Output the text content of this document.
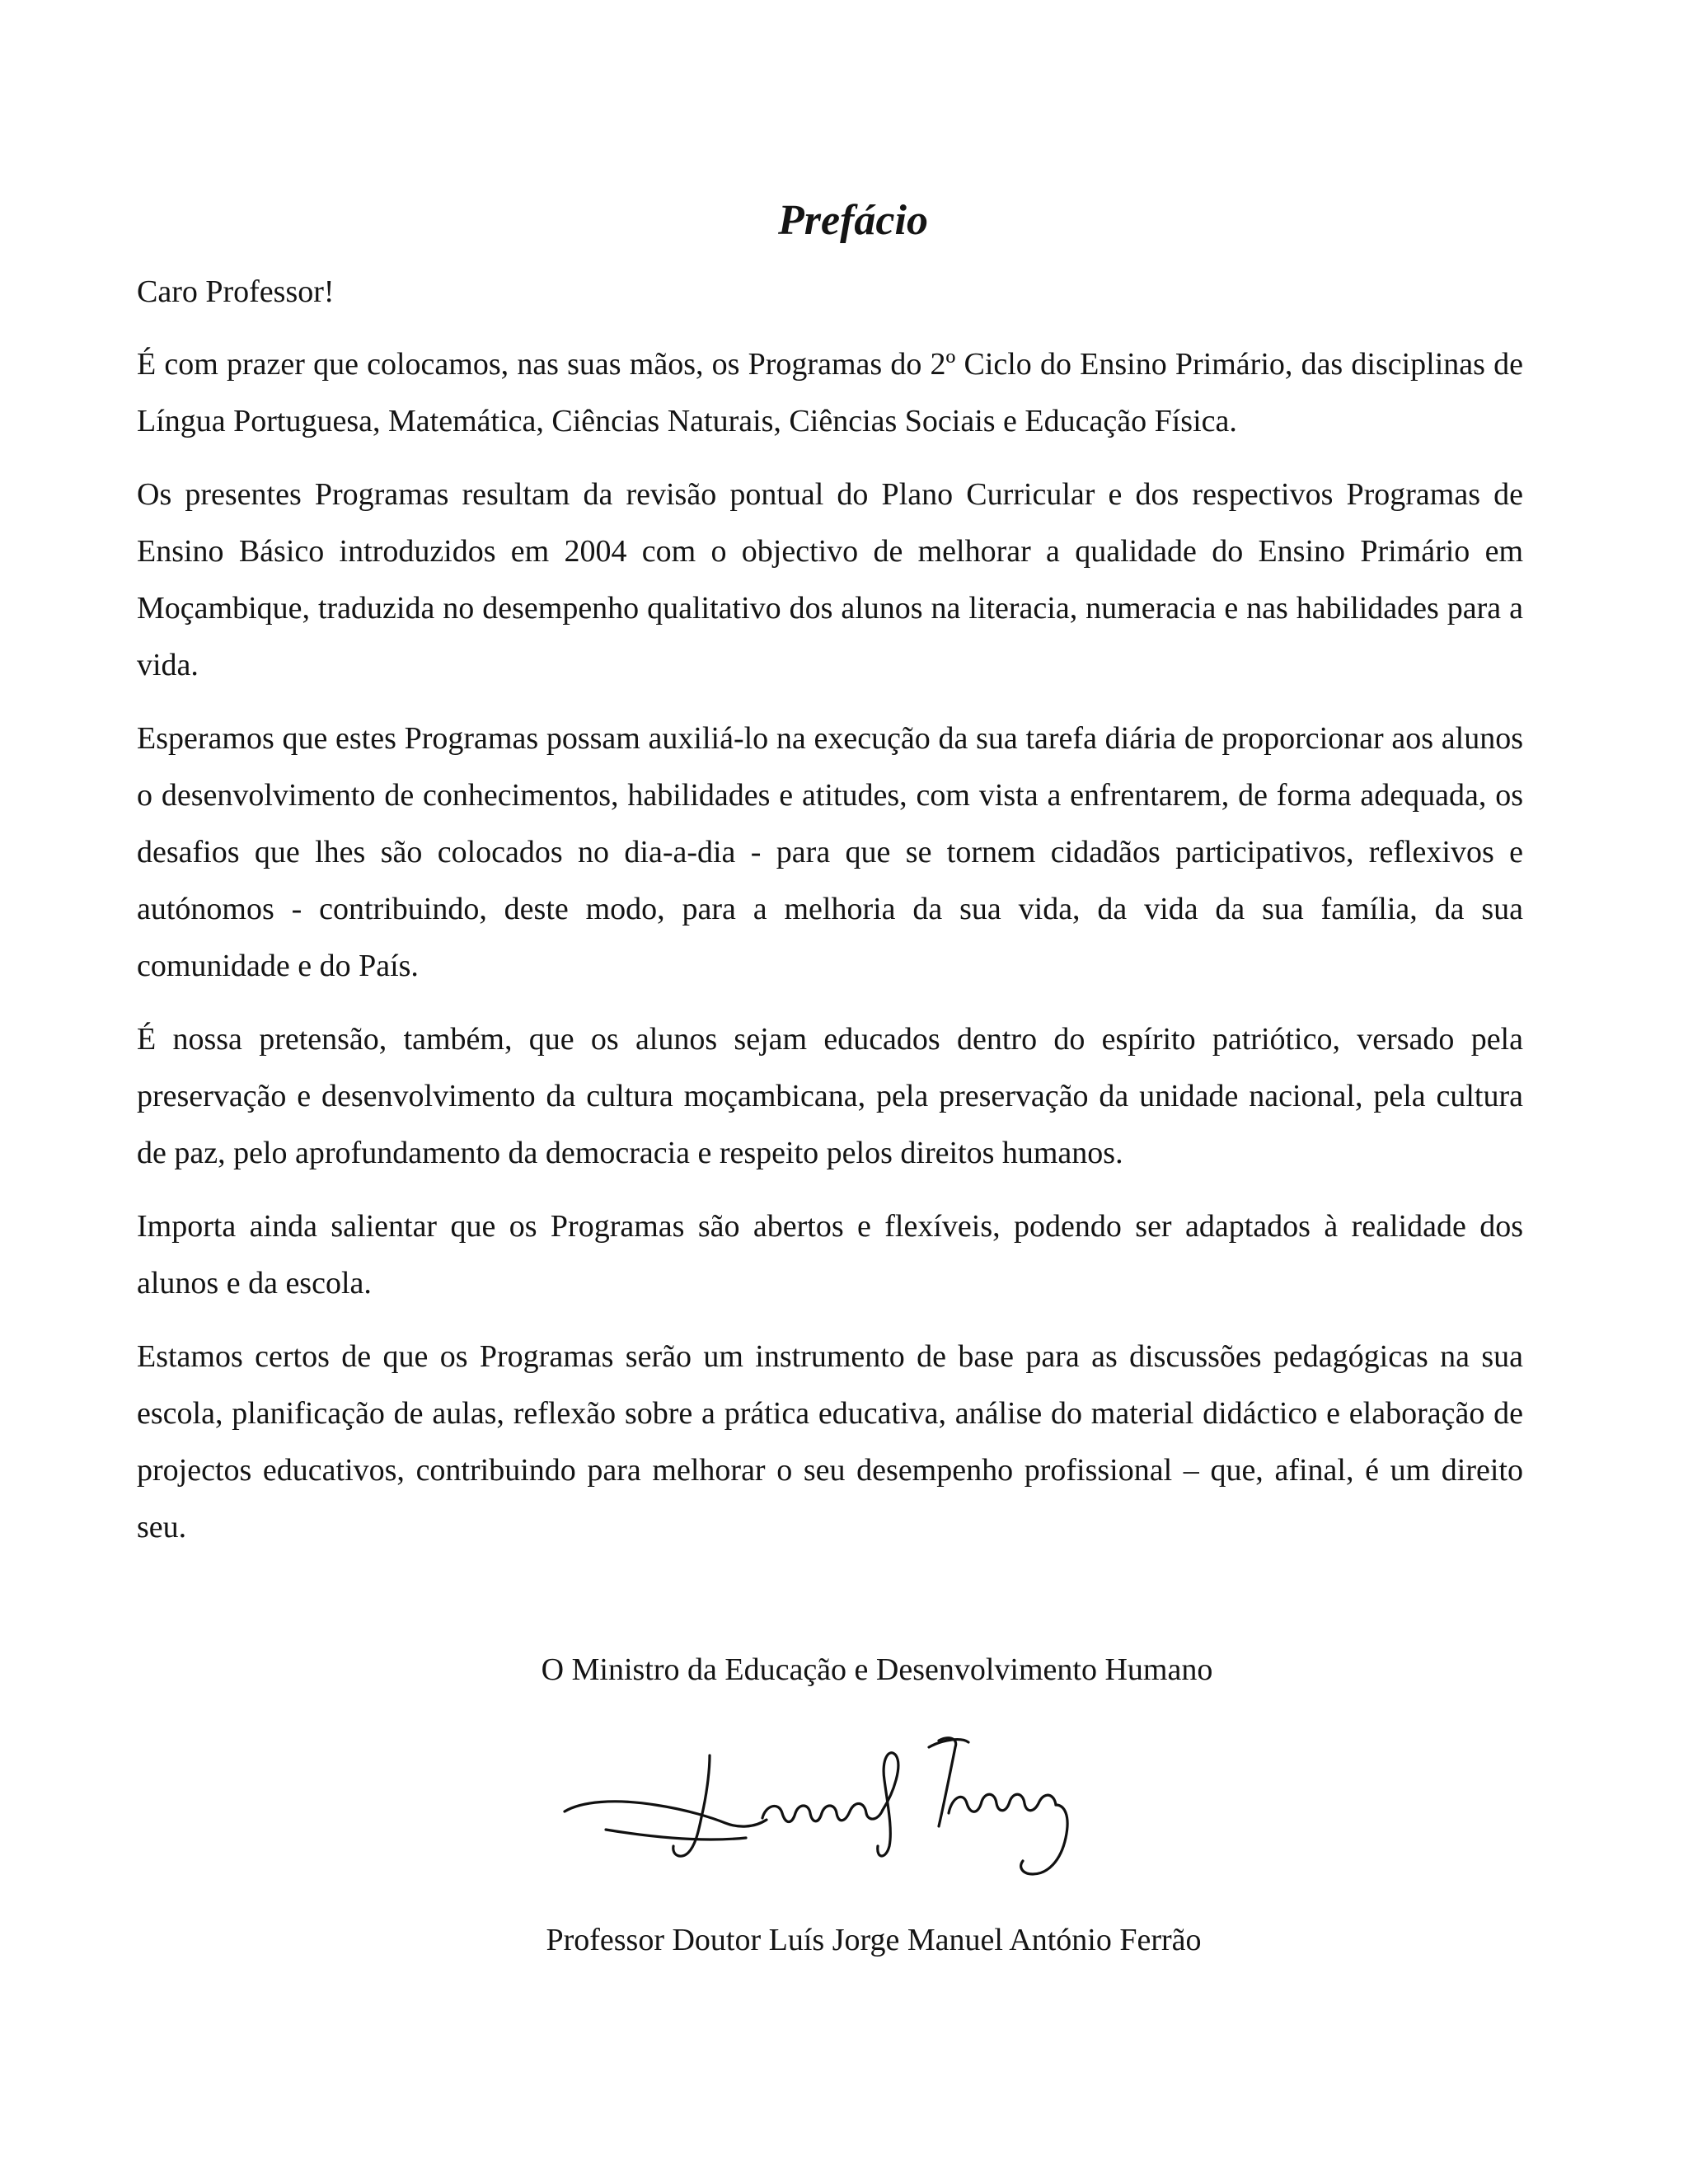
Prefácio

Caro Professor!

É com prazer que colocamos, nas suas mãos, os Programas do 2º Ciclo do Ensino Primário, das disciplinas de Língua Portuguesa, Matemática, Ciências Naturais, Ciências Sociais e Educação Física.

Os presentes Programas resultam da revisão pontual do Plano Curricular e dos respectivos Programas de Ensino Básico introduzidos em 2004 com o objectivo de melhorar a qualidade do Ensino Primário em Moçambique, traduzida no desempenho qualitativo dos alunos na literacia, numeracia e nas habilidades para a vida.

Esperamos que estes Programas possam auxiliá-lo na execução da sua tarefa diária de proporcionar aos alunos o desenvolvimento de conhecimentos, habilidades e atitudes, com vista a enfrentarem, de forma adequada, os desafios que lhes são colocados no dia-a-dia - para que se tornem cidadãos participativos, reflexivos e autónomos - contribuindo, deste modo, para a melhoria da sua vida, da vida da sua família, da sua comunidade e do País.

É nossa pretensão, também, que os alunos sejam educados dentro do espírito patriótico, versado pela preservação e desenvolvimento da cultura moçambicana, pela preservação da unidade nacional, pela cultura de paz, pelo aprofundamento da democracia e respeito pelos direitos humanos.

Importa ainda salientar que os Programas são abertos e flexíveis, podendo ser adaptados à realidade dos alunos e da escola.

Estamos certos de que os Programas serão um instrumento de base para as discussões pedagógicas na sua escola, planificação de aulas, reflexão sobre a prática educativa, análise do material didáctico e elaboração de projectos educativos, contribuindo para melhorar o seu desempenho profissional – que, afinal, é um direito seu.

O Ministro da Educação e Desenvolvimento Humano
Professor Doutor Luís Jorge Manuel António Ferrão
